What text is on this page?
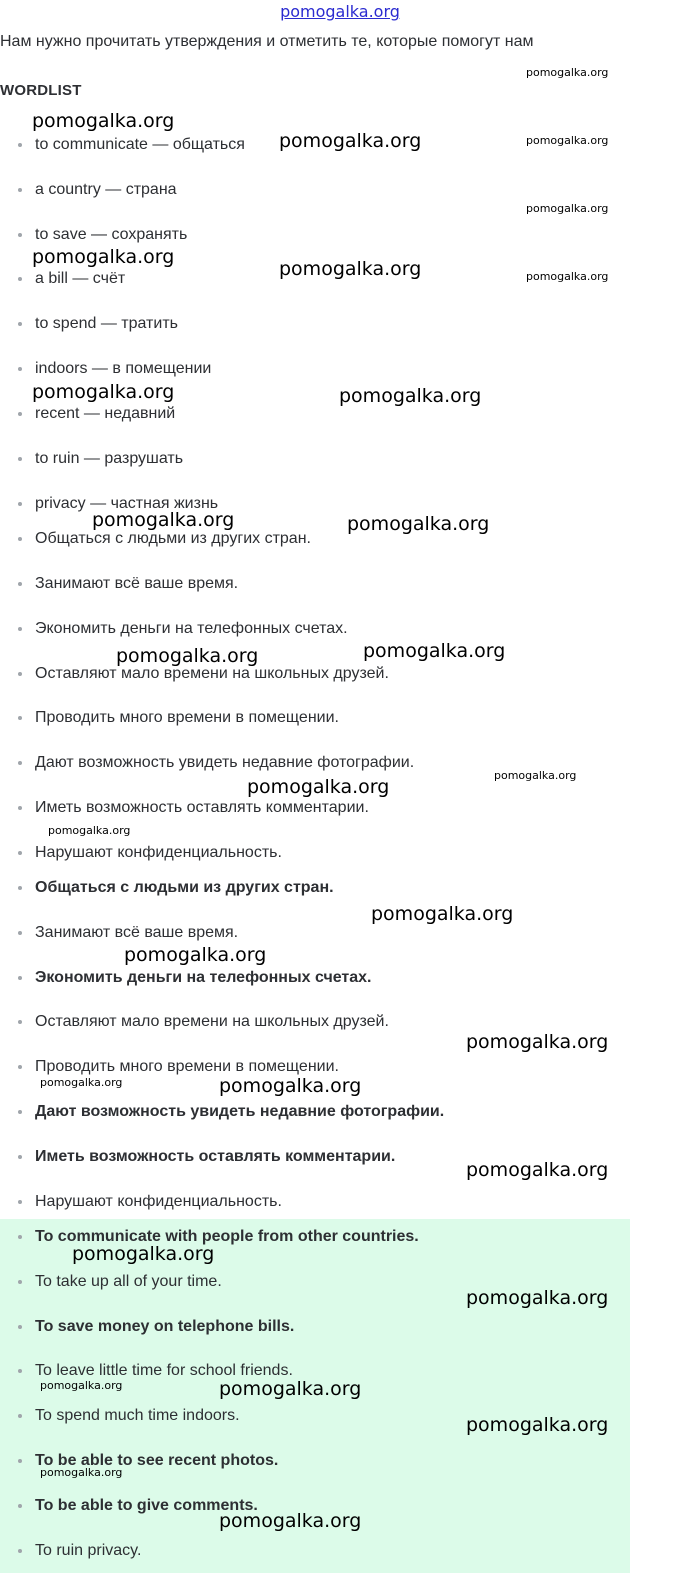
pomogalka.org
Нам нужно прочитать утверждения и отметить те, которые помогут нам
WORDLIST
to communicate — общаться
a country — страна
to save — сохранять
a bill — счёт
to spend — тратить
indoors — в помещении
recent — недавний
to ruin — разрушать
privacy — частная жизнь
Общаться с людьми из других стран.
Занимают всё ваше время.
Экономить деньги на телефонных счетах.
Оставляют мало времени на школьных друзей.
Проводить много времени в помещении.
Дают возможность увидеть недавние фотографии.
Иметь возможность оставлять комментарии.
Нарушают конфиденциальность.
Общаться с людьми из других стран.
Занимают всё ваше время.
Экономить деньги на телефонных счетах.
Оставляют мало времени на школьных друзей.
Проводить много времени в помещении.
Дают возможность увидеть недавние фотографии.
Иметь возможность оставлять комментарии.
Нарушают конфиденциальность.
To communicate with people from other countries.
To take up all of your time.
To save money on telephone bills.
To leave little time for school friends.
To spend much time indoors.
To be able to see recent photos.
To be able to give comments.
To ruin privacy.
pomogalka.org
pomogalka.org
pomogalka.org	pomogalka.org
pomogalka.org
pomogalka.org
pomogalka.org	pomogalka.org
pomogalka.org	pomogalka.org
pomogalka.org	pomogalka.org
pomogalka.org	pomogalka.org
pomogalka.org
pomogalka.org
pomogalka.org
pomogalka.org
pomogalka.org
pomogalka.org
pomogalka.org	pomogalka.org
pomogalka.org
pomogalka.org
pomogalka.org
pomogalka.org	pomogalka.org
pomogalka.org
pomogalka.org
pomogalka.org
